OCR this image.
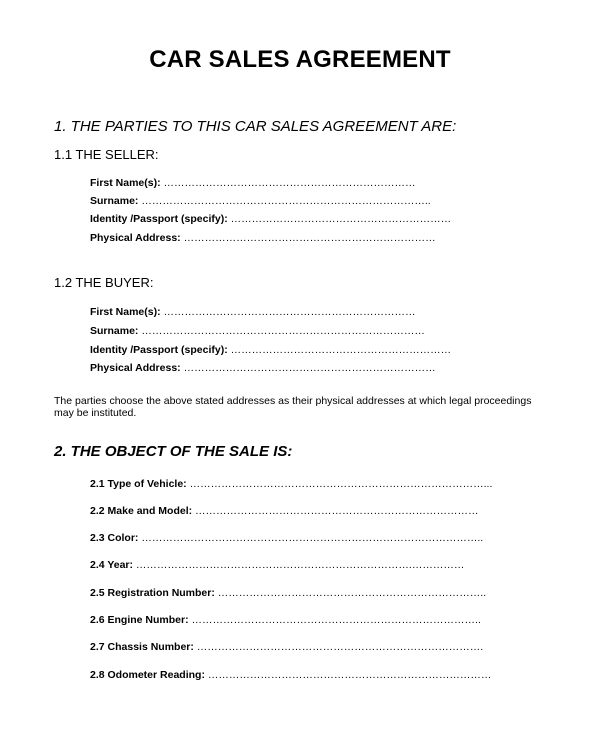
CAR SALES AGREEMENT
1. THE PARTIES TO THIS CAR SALES AGREEMENT ARE:
1.1 THE SELLER:
First Name(s): ………………………………………………………………
Surname: ………………………………………………………………………..
Identity /Passport (specify): ………………………………………………………
Physical Address: ………………………………………………………………
1.2 THE BUYER:
First Name(s): ………………………………………………………………
Surname: ………………………………………………………………………
Identity /Passport (specify): ………………………………………………………
Physical Address: ………………………………………………………………
The parties choose the above stated addresses as their physical addresses at which legal proceedings may be instituted.
2. THE OBJECT OF THE SALE IS:
2.1 Type of Vehicle: …………………………………………………………………………...
2.2 Make and Model: ………………………………………………………………………
2.3 Color: ……………………………………………………………………………………..
2.4 Year: …………………………………………………………………….……………
2.5 Registration Number: …………………………………………………………………..
2.6 Engine Number: ………………………………………………………………………..
2.7 Chassis Number: ……………………………………………………………………….
2.8 Odometer Reading: ………………………………………………………………………
